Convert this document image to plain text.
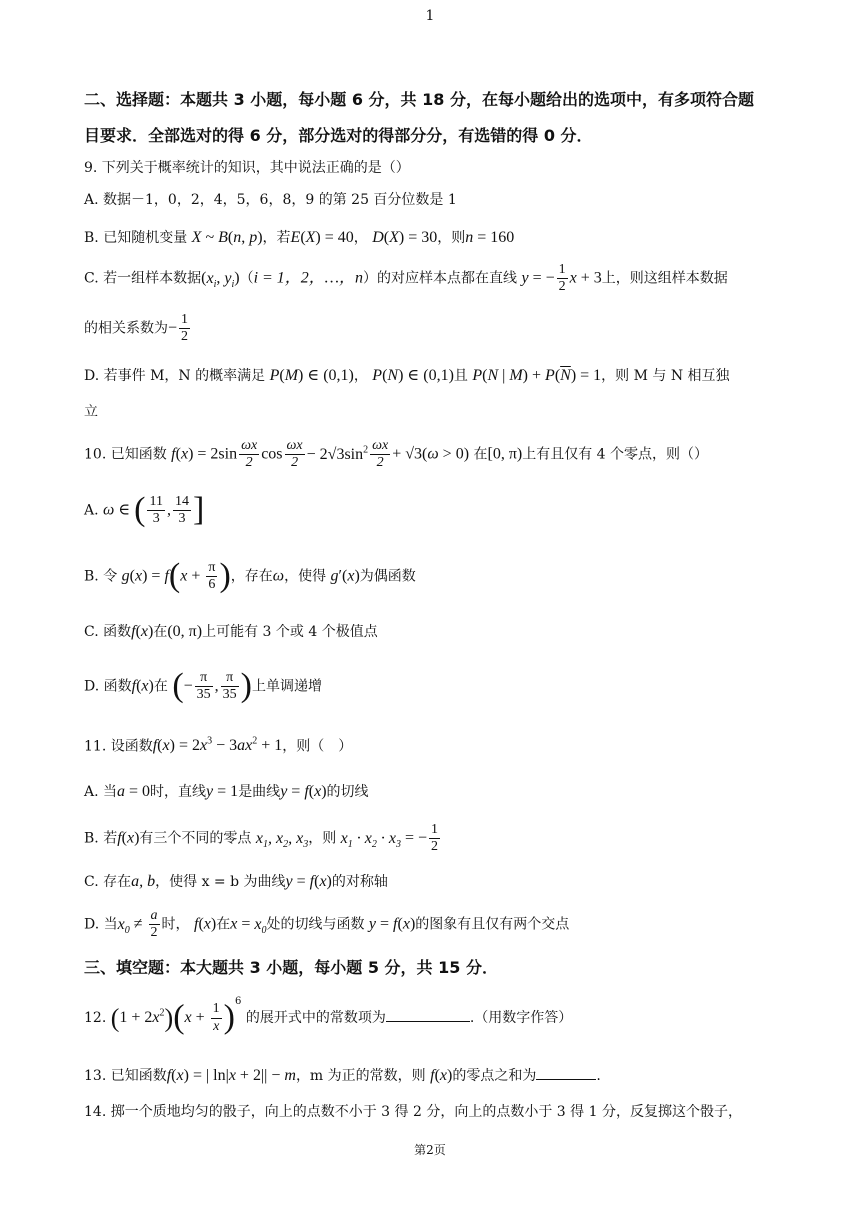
1
二、选择题：本题共 3 小题，每小题 6 分，共 18 分，在每小题给出的选项中，有多项符合题
目要求．全部选对的得 6 分，部分选对的得部分分，有选错的得 0 分．
9. 下列关于概率统计的知识，其中说法正确的是（）
A. 数据－1，0，2，4，5，6，8，9 的第 25 百分位数是 1
B. 已知随机变量 X ~ B(n, p)，若E(X) = 40， D(X) = 30，则n = 160
C. 若一组样本数据($x_i$, $y_i)(i = 1$，2，…，n）的对应样本点都在直线 y = − $\frac{1}{2}$ x + 3上，则这组样本数据
的相关系数为− $\frac{1}{2}$
D. 若事件 M，N 的概率满足 P(M) ∈ (0,1)， P(N) ∈ (0,1)且 P(N | $M) + P(\overline{N}) = 1$，则 M 与 N 相互独
立
10. 已知函数 $f(x) = 2\sin \frac{\omega x}{2}$ $\cos \frac{\omega x}{2} - 2√3\sin^2 \frac{\omega x}{2} + √3(\omega > 0)$ 在[0, π)上有且仅有 4 个零点，则（）
A. ω ∈ ( $\frac{11}{3}$ , $\frac{14}{3}$ ]
B. 令 $g(x) = f(x + \frac{\pi}{6}$ )，存在ω，使得 g′(x)为偶函数
C. 函数f(x)在(0, π)上可能有 3 个或 4 个极值点
D. 函数f(x)在 (− $\frac{\pi}{35}$ , $\frac{\pi}{35}$ )上单调递增
11. 设函数$f(x) = 2x^3 - 3ax^2 + 1$，则（　）
A. 当a = 0时，直线y = 1是曲线y = f(x)的切线
B. 若f(x)有三个不同的零点 $x_1$, $x_2$, $x_3$，则 $x_1 \cdot x_2 \cdot x_3$ = − $\frac{1}{2}$
C. 存在a, b，使得 x = b 为曲线y = f(x)的对称轴
D. 当$x_0 \ne \frac{a}{2}$ 时， f(x)在$x = x_0$处的切线与函数 y = f(x)的图象有且仅有两个交点
三、填空题：本大题共 3 小题，每小题 5 分，共 15 分．
12. $(1 + 2x^2)(x + \frac{1}{x} )^6$ 的展开式中的常数项为	.（用数字作答）
13. 已知函数f(x) = | ln|x + 2|| − m，m 为正的常数，则 f(x)的零点之和为	.
14. 掷一个质地均匀的骰子，向上的点数不小于 3 得 2 分，向上的点数小于 3 得 1 分，反复掷这个骰子，
第2页
